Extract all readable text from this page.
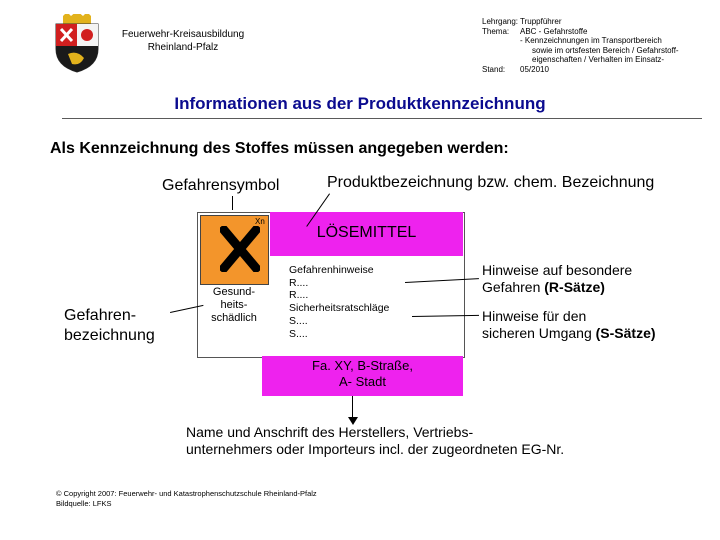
Feuerwehr-Kreisausbildung
Rheinland-Pfalz
Lehrgang: Truppführer
Thema:	ABC - Gefahrstoffe
- Kennzeichnungen im Transportbereich
sowie im ortsfesten Bereich / Gefahrstoff-
eigenschaften / Verhalten im Einsatz-
Stand:	05/2010
Informationen aus der Produktkennzeichnung
Als Kennzeichnung des Stoffes müssen angegeben werden:
Gefahrensymbol	Produktbezeichnung bzw. chem. Bezeichnung
LÖSEMITTEL
Xn
Gesund-
heits-
schädlich
Gefahrenhinweise
R....
R....
Sicherheitsratschläge
S....
S....
Fa. XY, B-Straße,
A- Stadt
Gefahren-
bezeichnung
Hinweise auf besondere
Gefahren (R-Sätze)
Hinweise für den
sicheren Umgang (S-Sätze)
Name und Anschrift des Herstellers, Vertriebs-
unternehmers oder Importeurs incl. der zugeordneten EG-Nr.
© Copyright 2007: Feuerwehr- und Katastrophenschutzschule Rheinland-Pfalz
Bildquelle: LFKS
